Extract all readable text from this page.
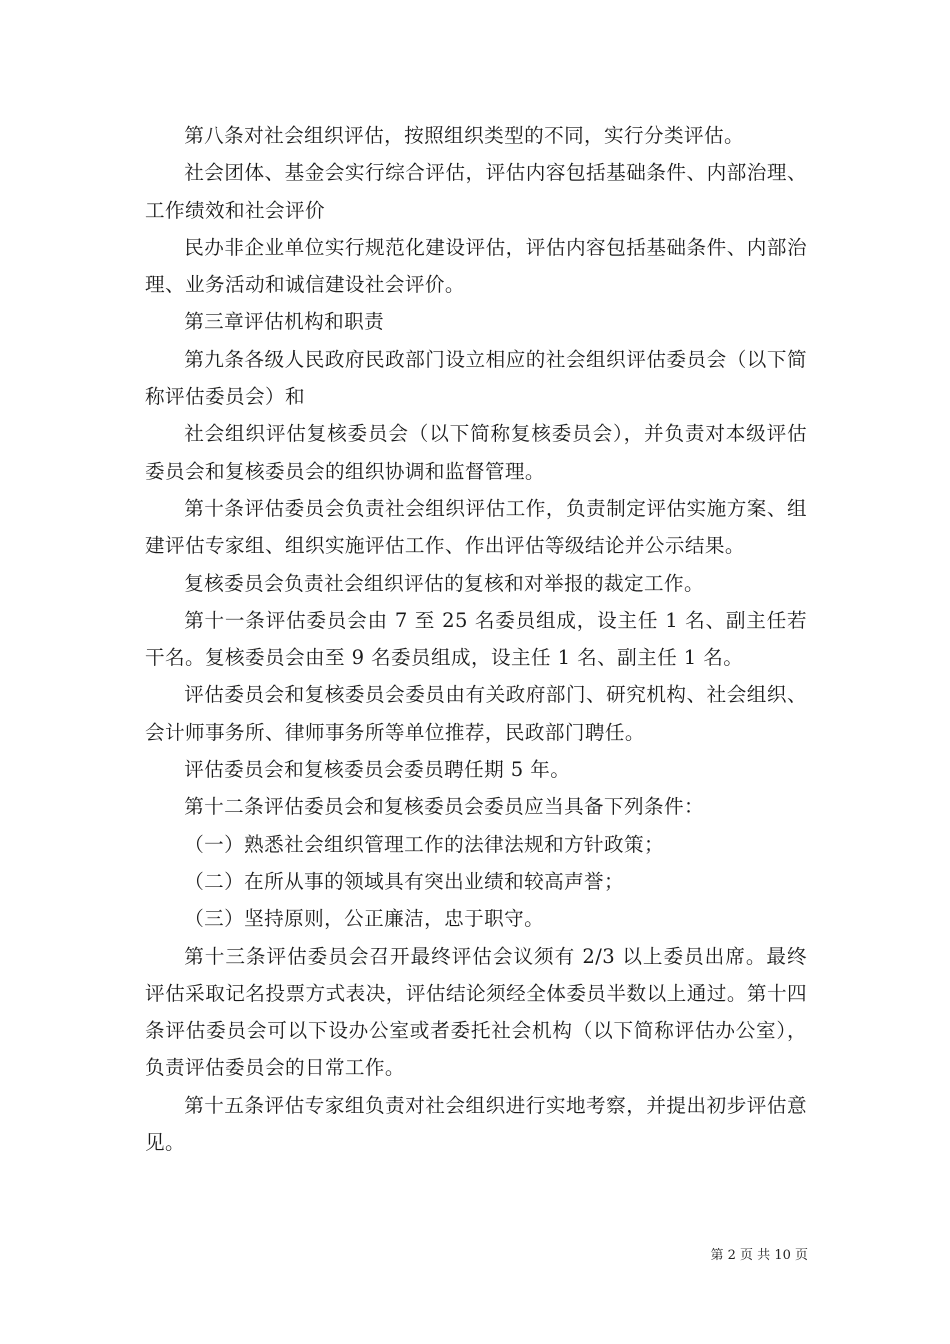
第八条对社会组织评估，按照组织类型的不同，实行分类评估。

社会团体、基金会实行综合评估，评估内容包括基础条件、内部治理、工作绩效和社会评价

民办非企业单位实行规范化建设评估，评估内容包括基础条件、内部治理、业务活动和诚信建设社会评价。

第三章评估机构和职责

第九条各级人民政府民政部门设立相应的社会组织评估委员会（以下简称评估委员会）和

社会组织评估复核委员会（以下简称复核委员会），并负责对本级评估委员会和复核委员会的组织协调和监督管理。

第十条评估委员会负责社会组织评估工作，负责制定评估实施方案、组建评估专家组、组织实施评估工作、作出评估等级结论并公示结果。

复核委员会负责社会组织评估的复核和对举报的裁定工作。

第十一条评估委员会由 7 至 25 名委员组成，设主任 1 名、副主任若干名。复核委员会由至 9 名委员组成，设主任 1 名、副主任 1 名。

评估委员会和复核委员会委员由有关政府部门、研究机构、社会组织、会计师事务所、律师事务所等单位推荐，民政部门聘任。

评估委员会和复核委员会委员聘任期 5 年。

第十二条评估委员会和复核委员会委员应当具备下列条件：

（一）熟悉社会组织管理工作的法律法规和方针政策；

（二）在所从事的领域具有突出业绩和较高声誉；

（三）坚持原则，公正廉洁，忠于职守。

第十三条评估委员会召开最终评估会议须有 2/3 以上委员出席。最终评估采取记名投票方式表决，评估结论须经全体委员半数以上通过。第十四条评估委员会可以下设办公室或者委托社会机构（以下简称评估办公室），负责评估委员会的日常工作。

第十五条评估专家组负责对社会组织进行实地考察，并提出初步评估意见。

第 2 页 共 10 页
